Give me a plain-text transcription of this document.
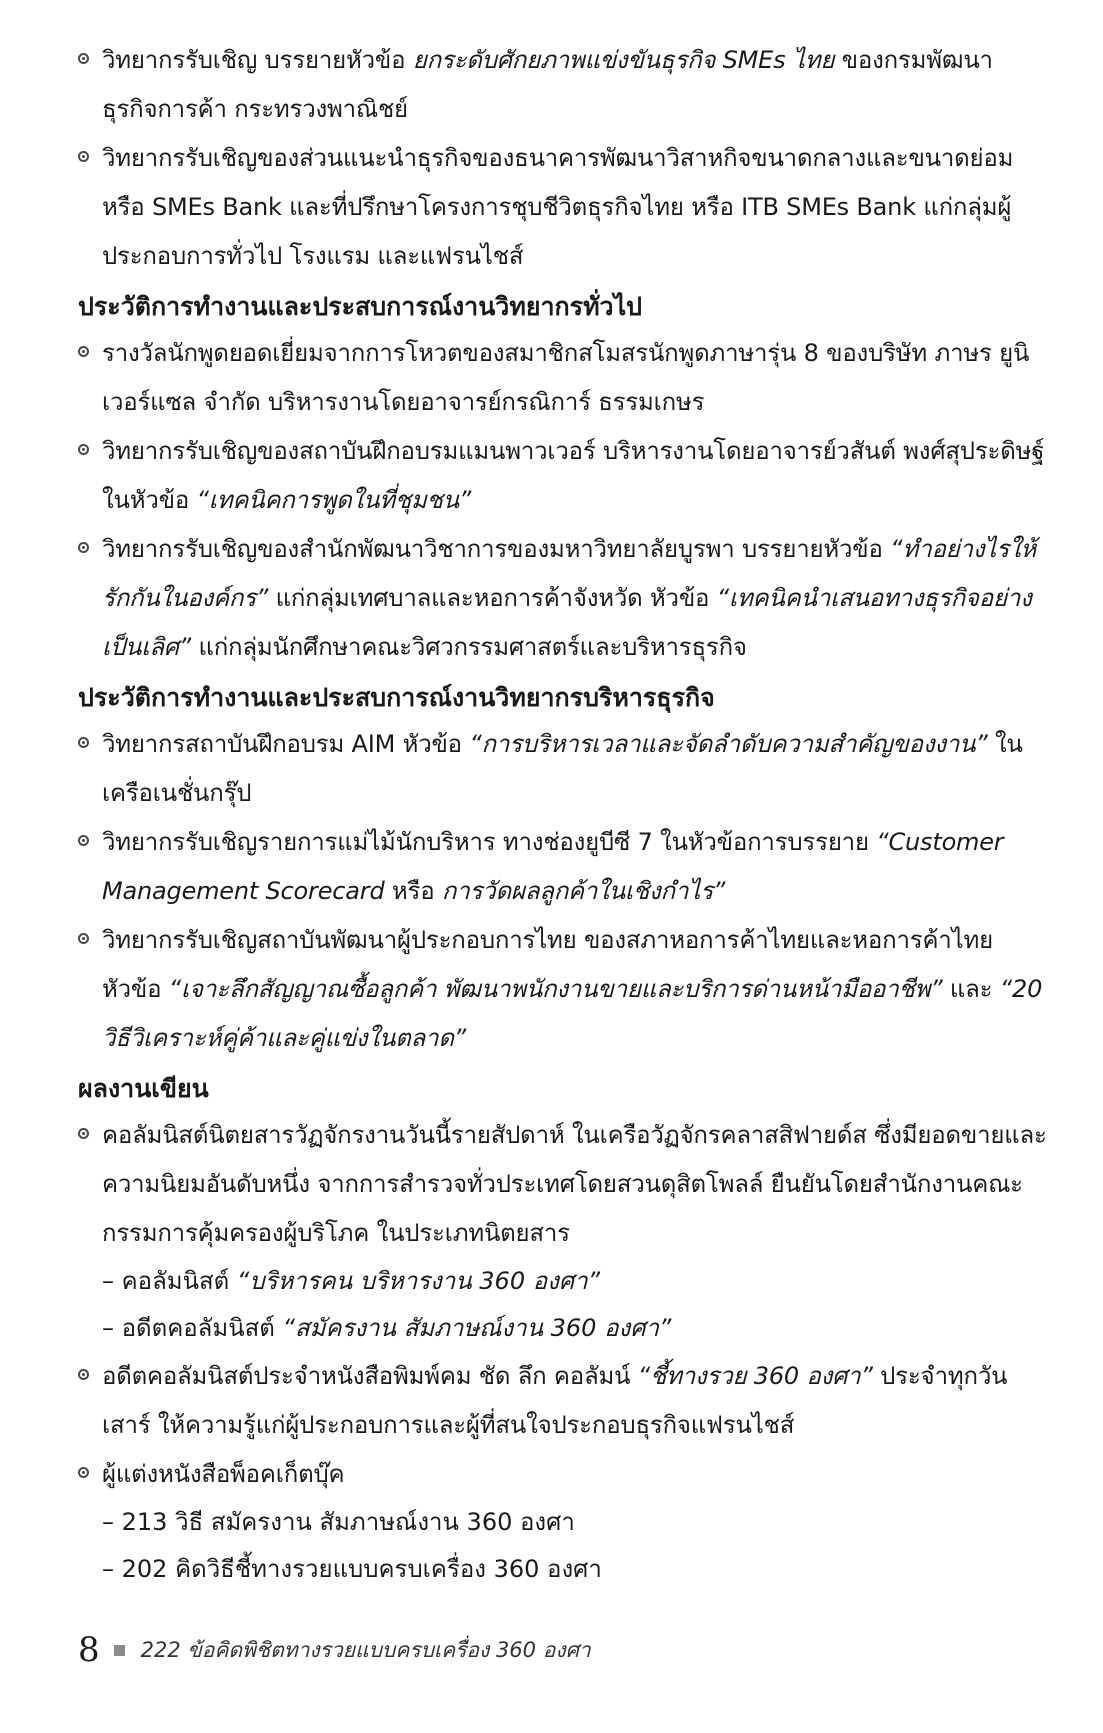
วิทยากรรับเชิญ บรรยายหัวข้อ ยกระดับศักยภาพแข่งขันธุรกิจ SMEs ไทย ของกรมพัฒนาธุรกิจการค้า กระทรวงพาณิชย์
วิทยากรรับเชิญของส่วนแนะนำธุรกิจของธนาคารพัฒนาวิสาหกิจขนาดกลางและขนาดย่อม หรือ SMEs Bank และที่ปรึกษาโครงการชุบชีวิตธุรกิจไทย หรือ ITB SMEs Bank แก่กลุ่มผู้ประกอบการทั่วไป โรงแรม และแฟรนไชส์
ประวัติการทำงานและประสบการณ์งานวิทยากรทั่วไป
รางวัลนักพูดยอดเยี่ยมจากการโหวตของสมาชิกสโมสรนักพูดภาษารุ่น 8 ของบริษัท ภาษร ยูนิเวอร์แซล จำกัด บริหารงานโดยอาจารย์กรณิการ์ ธรรมเกษร
วิทยากรรับเชิญของสถาบันฝึกอบรมแมนพาวเวอร์ บริหารงานโดยอาจารย์วสันต์ พงศ์สุประดิษฐ์ ในหัวข้อ “เทคนิคการพูดในที่ชุมชน”
วิทยากรรับเชิญของสำนักพัฒนาวิชาการของมหาวิทยาลัยบูรพา บรรยายหัวข้อ “ทำอย่างไรให้รักกันในองค์กร” แก่กลุ่มเทศบาลและหอการค้าจังหวัด หัวข้อ “เทคนิคนำเสนอทางธุรกิจอย่างเป็นเลิศ” แก่กลุ่มนักศึกษาคณะวิศวกรรมศาสตร์และบริหารธุรกิจ
ประวัติการทำงานและประสบการณ์งานวิทยากรบริหารธุรกิจ
วิทยากรสถาบันฝึกอบรม AIM หัวข้อ “การบริหารเวลาและจัดลำดับความสำคัญของงาน” ในเครือเนชั่นกรุ๊ป
วิทยากรรับเชิญรายการแม่ไม้นักบริหาร ทางช่องยูบีซี 7 ในหัวข้อการบรรยาย “Customer Management Scorecard หรือ การวัดผลลูกค้าในเชิงกำไร”
วิทยากรรับเชิญสถาบันพัฒนาผู้ประกอบการไทย ของสภาหอการค้าไทยและหอการค้าไทย หัวข้อ “เจาะลึกสัญญาณซื้อลูกค้า พัฒนาพนักงานขายและบริการด่านหน้ามืออาชีพ” และ “20 วิธีวิเคราะห์คู่ค้าและคู่แข่งในตลาด”
ผลงานเขียน
คอลัมนิสต์นิตยสารวัฏจักรงานวันนี้รายสัปดาห์ ในเครือวัฏจักรคลาสสิฟายด์ส ซึ่งมียอดขายและความนิยมอันดับหนึ่ง จากการสำรวจทั่วประเทศโดยสวนดุสิตโพลล์ ยืนยันโดยสำนักงานคณะกรรมการคุ้มครองผู้บริโภค ในประเภทนิตยสาร
– คอลัมนิสต์ “บริหารคน บริหารงาน 360 องศา”
– อดีตคอลัมนิสต์ “สมัครงาน สัมภาษณ์งาน 360 องศา”
อดีตคอลัมนิสต์ประจำหนังสือพิมพ์คม ชัด ลึก คอลัมน์ “ชี้ทางรวย 360 องศา” ประจำทุกวันเสาร์ ให้ความรู้แก่ผู้ประกอบการและผู้ที่สนใจประกอบธุรกิจแฟรนไชส์
ผู้แต่งหนังสือพ็อคเก็ตบุ๊ค
– 213 วิธี สมัครงาน สัมภาษณ์งาน 360 องศา
– 202 คิดวิธีชี้ทางรวยแบบครบเครื่อง 360 องศา
8 222 ข้อคิดพิชิตทางรวยแบบครบเครื่อง 360 องศา
